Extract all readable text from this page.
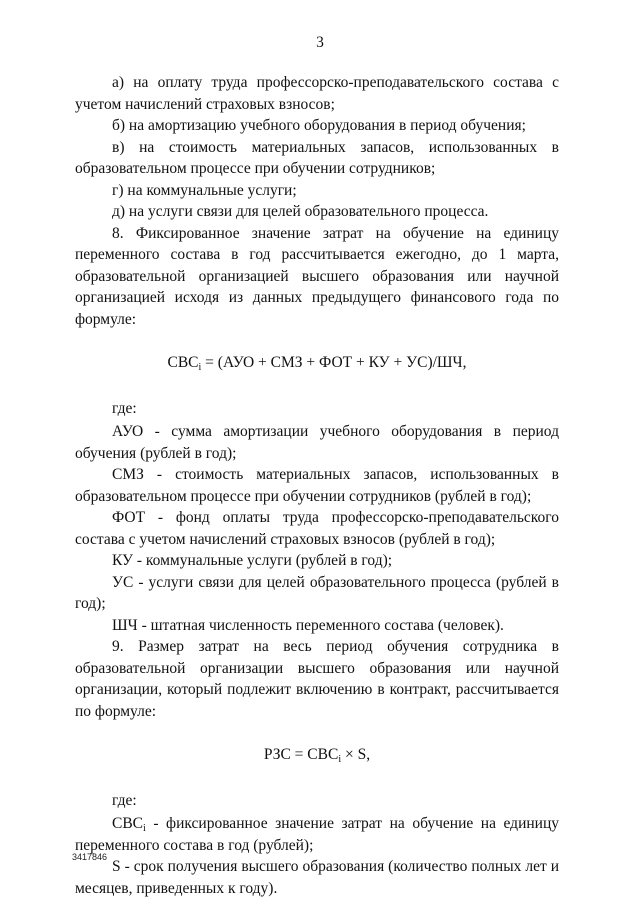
3

а) на оплату труда профессорско-преподавательского состава с учетом начислений страховых взносов;

б) на амортизацию учебного оборудования в период обучения;

в) на стоимость материальных запасов, использованных в образовательном процессе при обучении сотрудников;

г) на коммунальные услуги;

д) на услуги связи для целей образовательного процесса.

8. Фиксированное значение затрат на обучение на единицу переменного состава в год рассчитывается ежегодно, до 1 марта, образовательной организацией высшего образования или научной организацией исходя из данных предыдущего финансового года по формуле:

$СВС_i = (АУО$ + СМЗ + ФОТ + КУ + УС)/ШЧ,

где:

АУО - сумма амортизации учебного оборудования в период обучения (рублей в год);

СМЗ - стоимость материальных запасов, использованных в образовательном процессе при обучении сотрудников (рублей в год);

ФОТ - фонд оплаты труда профессорско-преподавательского состава с учетом начислений страховых взносов (рублей в год);

КУ - коммунальные услуги (рублей в год);

УС - услуги связи для целей образовательного процесса (рублей в год);

ШЧ - штатная численность переменного состава (человек).

9. Размер затрат на весь период обучения сотрудника в образовательной организации высшего образования или научной организации, который подлежит включению в контракт, рассчитывается по формуле:

РЗС = $СВС_i \times S$,

где:

$СВС_i$ - фиксированное значение затрат на обучение на единицу переменного состава в год (рублей);

S - срок получения высшего образования (количество полных лет и месяцев, приведенных к году).

3417846
